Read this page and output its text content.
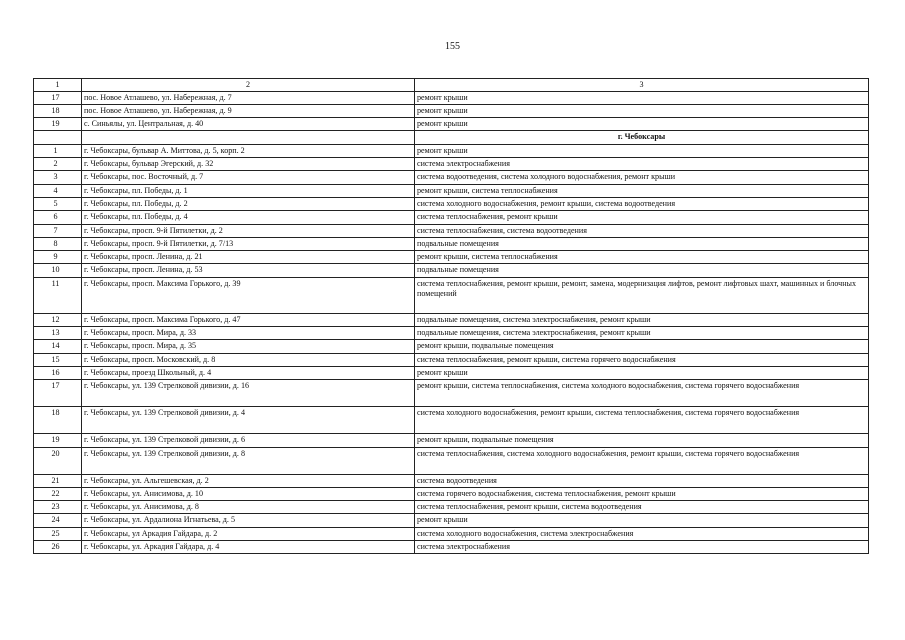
155
1	2	3
17	пос. Новое Атлашево, ул. Набережная, д. 7	ремонт крыши
18	пос. Новое Атлашево, ул. Набережная, д. 9	ремонт крыши
19	с. Синьялы, ул. Центральная, д. 40	ремонт крыши
		г. Чебоксары
1	г. Чебоксары, бульвар А. Миттова, д. 5, корп. 2	ремонт крыши
2	г. Чебоксары, бульвар Эгерский, д. 32	система электроснабжения
3	г. Чебоксары, пос. Восточный, д. 7	система водоотведения, система холодного водоснабжения, ремонт крыши
4	г. Чебоксары, пл. Победы, д. 1	ремонт крыши, система теплоснабжения
5	г. Чебоксары, пл. Победы, д. 2	система холодного водоснабжения, ремонт крыши, система водоотведения
6	г. Чебоксары, пл. Победы, д. 4	система теплоснабжения, ремонт крыши
7	г. Чебоксары, просп. 9-й Пятилетки, д. 2	система теплоснабжения, система водоотведения
8	г. Чебоксары, просп. 9-й Пятилетки, д. 7/13	подвальные помещения
9	г. Чебоксары, просп. Ленина, д. 21	ремонт крыши, система теплоснабжения
10	г. Чебоксары, просп. Ленина, д. 53	подвальные помещения
11	г. Чебоксары, просп. Максима Горького, д. 39	система теплоснабжения, ремонт крыши, ремонт, замена, модернизация лифтов, ремонт лифтовых шахт, машинных и блочных помещений
12	г. Чебоксары, просп. Максима Горького, д. 47	подвальные помещения, система электроснабжения, ремонт крыши
13	г. Чебоксары, просп. Мира, д. 33	подвальные помещения, система электроснабжения, ремонт крыши
14	г. Чебоксары, просп. Мира, д. 35	ремонт крыши, подвальные помещения
15	г. Чебоксары, просп. Московский, д. 8	система теплоснабжения, ремонт крыши, система горячего водоснабжения
16	г. Чебоксары, проезд Школьный, д. 4	ремонт крыши
17	г. Чебоксары, ул. 139 Стрелковой дивизии, д. 16	ремонт крыши, система теплоснабжения, система холодного водоснабжения, система горячего водоснабжения
18	г. Чебоксары, ул. 139 Стрелковой дивизии, д. 4	система холодного водоснабжения, ремонт крыши, система теплоснабжения, система горячего водоснабжения
19	г. Чебоксары, ул. 139 Стрелковой дивизии, д. 6	ремонт крыши, подвальные помещения
20	г. Чебоксары, ул. 139 Стрелковой дивизии, д. 8	система теплоснабжения, система холодного водоснабжения, ремонт крыши, система горячего водоснабжения
21	г. Чебоксары, ул. Альгешевская, д. 2	система водоотведения
22	г. Чебоксары, ул. Анисимова, д. 10	система горячего водоснабжения, система теплоснабжения, ремонт крыши
23	г. Чебоксары, ул. Анисимова, д. 8	система теплоснабжения, ремонт крыши, система водоотведения
24	г. Чебоксары, ул. Ардалиона Игнатьева, д. 5	ремонт крыши
25	г. Чебоксары, ул Аркадия Гайдара, д. 2	система холодного водоснабжения, система электроснабжения
26	г. Чебоксары, ул. Аркадия Гайдара, д. 4	система электроснабжения
